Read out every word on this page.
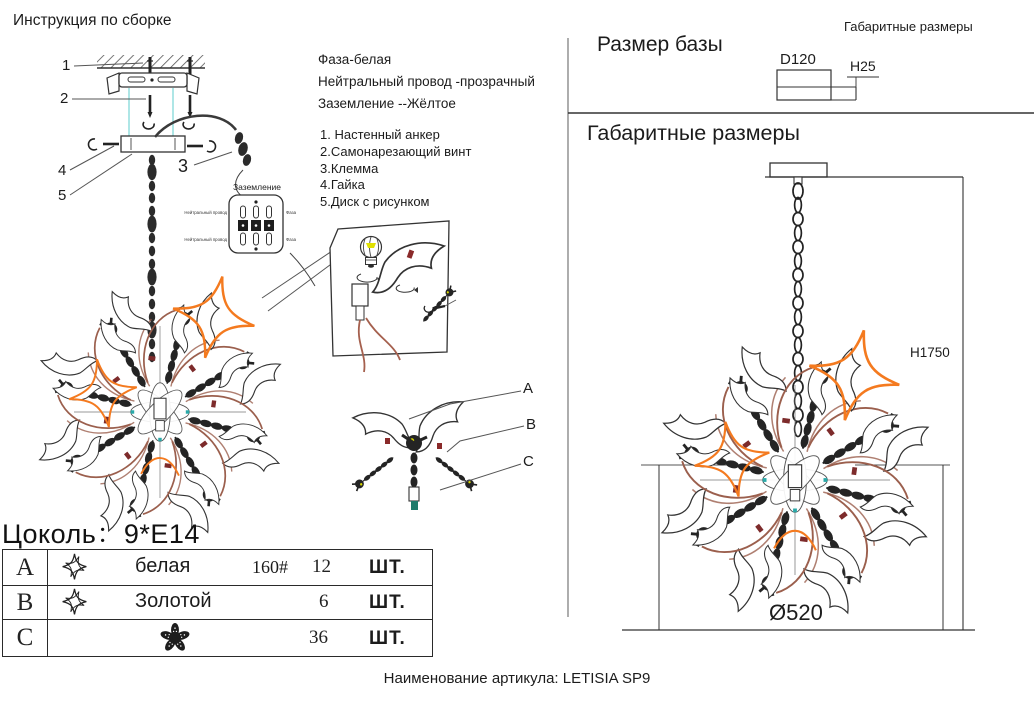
Заземление
Нейтральный провод
Нейтральный провод
Фаза
Фаза
Инструкция по сборке
Фаза-белая
Нейтральный провод -прозрачный
Заземление --Жёлтое
1. Настенный анкер
2.Самонарезающий винт
3.Клемма
4.Гайка
5.Диск с рисунком
1
2
3
4
5
A
B
C
Цоколь：9*E14
A	белая	160# 12 ШТ.
B	Золотой	6 ШТ.
C	36 ШТ.
Габаритные размеры
Размер базы
D120 H25
Габаритные размеры
H1750
Ø520
Наименование артикула: LETISIA SP9
